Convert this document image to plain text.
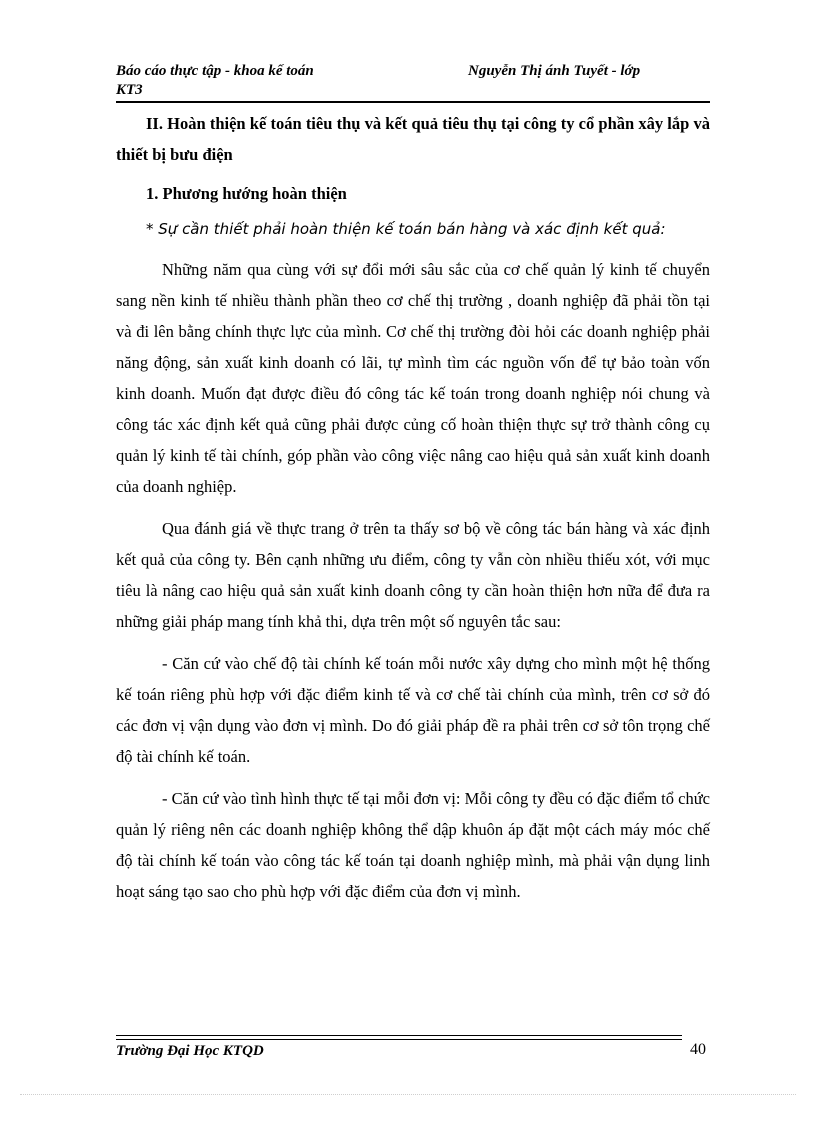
Báo cáo thực tập - khoa kế toán	Nguyễn Thị ánh Tuyết - lớp
KT3

II. Hoàn thiện kế toán tiêu thụ và kết quả tiêu thụ tại công ty cổ phần xây lắp và thiết bị bưu điện

1. Phương hướng hoàn thiện

* Sự cần thiết phải hoàn thiện kế toán bán hàng và xác định kết quả:

Những năm qua cùng với sự đổi mới sâu sắc của cơ chế quản lý kinh tế chuyển sang nền kinh tế nhiều thành phần theo cơ chế thị trường , doanh nghiệp đã phải tồn tại và đi lên bằng chính thực lực của mình. Cơ chế thị trường đòi hỏi các doanh nghiệp phải năng động, sản xuất kinh doanh có lãi, tự mình tìm các nguồn vốn để tự bảo toàn vốn kinh doanh. Muốn đạt được điều đó công tác kế toán trong doanh nghiệp nói chung và công tác xác định kết quả cũng phải được củng cố hoàn thiện thực sự trở thành công cụ quản lý kinh tế tài chính, góp phần vào công việc nâng cao hiệu quả sản xuất kinh doanh của doanh nghiệp.

Qua đánh giá về thực trang ở trên ta thấy sơ bộ về công tác bán hàng và xác định kết quả của công ty. Bên cạnh những ưu điểm, công ty vẫn còn nhiều thiếu xót, với mục tiêu là nâng cao hiệu quả sản xuất kinh doanh công ty cần hoàn thiện hơn nữa để đưa ra những giải pháp mang tính khả thi, dựa trên một số nguyên tắc sau:

- Căn cứ vào chế độ tài chính kế toán mỗi nước xây dựng cho mình một hệ thống kế toán riêng phù hợp với đặc điểm kinh tế và cơ chế tài chính của mình, trên cơ sở đó các đơn vị vận dụng vào đơn vị mình. Do đó giải pháp đề ra phải trên cơ sở tôn trọng chế độ tài chính kế toán.

- Căn cứ vào tình hình thực tế tại mỗi đơn vị: Mỗi công ty đều có đặc điểm tổ chức quản lý riêng nên các doanh nghiệp không thể dập khuôn áp đặt một cách máy móc chế độ tài chính kế toán vào công tác kế toán tại doanh nghiệp mình, mà phải vận dụng linh hoạt sáng tạo sao cho phù hợp với đặc điểm của đơn vị mình.

Trường Đại Học KTQD	40
